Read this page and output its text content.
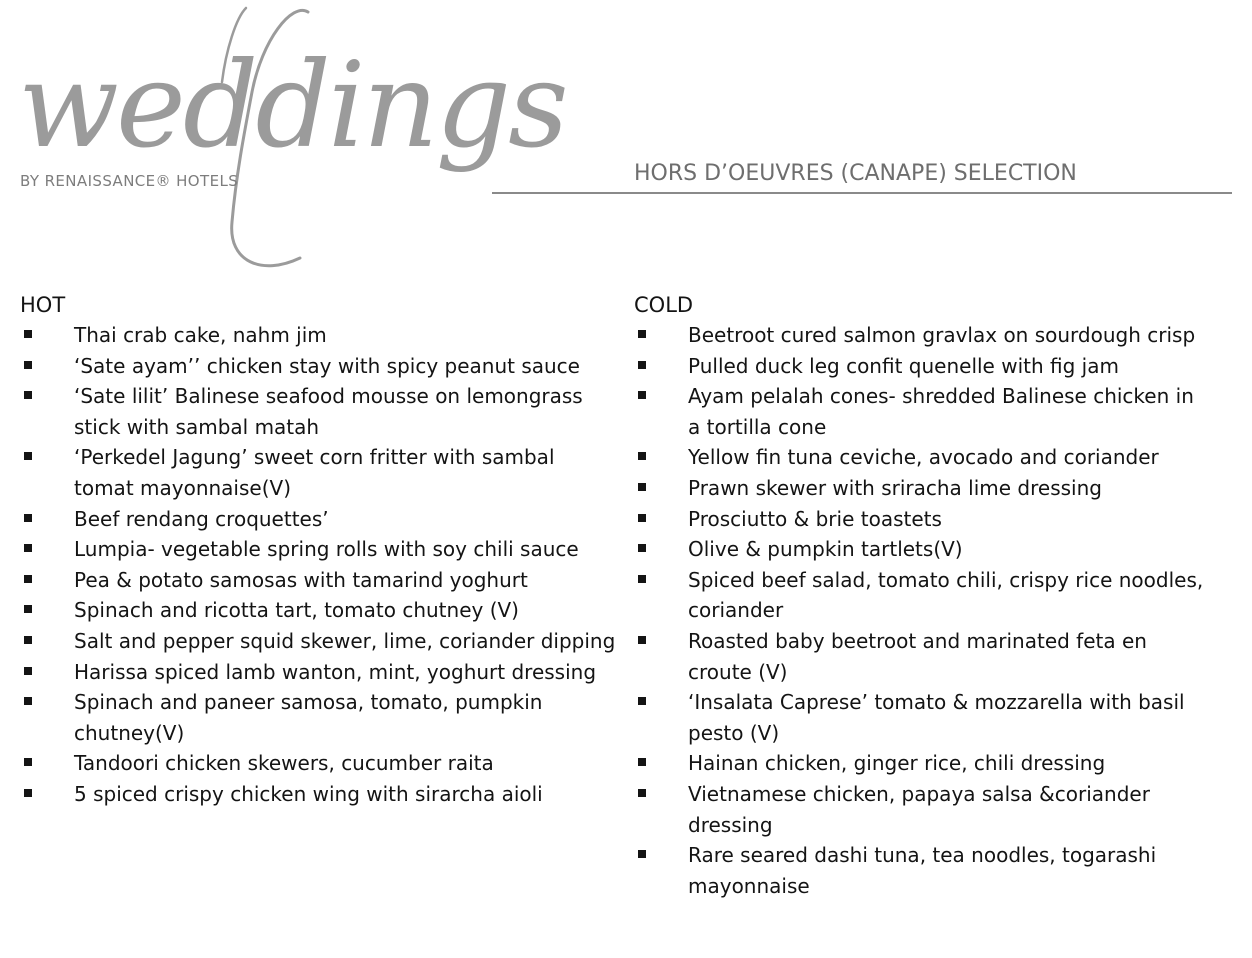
weddings
BY RENAISSANCE® HOTELS	HORS D’OEUVRES (CANAPE) SELECTION
HOT
Thai crab cake, nahm jim
‘Sate ayam’’ chicken stay with spicy peanut sauce
‘Sate lilit’ Balinese seafood mousse on lemongrass stick with sambal matah
‘Perkedel Jagung’ sweet corn fritter with sambal tomat mayonnaise(V)
Beef rendang croquettes’
Lumpia- vegetable spring rolls with soy chili sauce
Pea & potato samosas with tamarind yoghurt
Spinach and ricotta tart, tomato chutney (V)
Salt and pepper squid skewer, lime, coriander dipping
Harissa spiced lamb wanton, mint, yoghurt dressing
Spinach and paneer samosa, tomato, pumpkin chutney(V)
Tandoori chicken skewers, cucumber raita
5 spiced crispy chicken wing with sirarcha aioli
COLD
Beetroot cured salmon gravlax on sourdough crisp
Pulled duck leg confit quenelle with fig jam
Ayam pelalah cones- shredded Balinese chicken in a tortilla cone
Yellow fin tuna ceviche, avocado and coriander
Prawn skewer with sriracha lime dressing
Prosciutto & brie toastets
Olive & pumpkin tartlets(V)
Spiced beef salad, tomato chili, crispy rice noodles, coriander
Roasted baby beetroot and marinated feta en croute (V)
‘Insalata Caprese’ tomato & mozzarella with basil pesto (V)
Hainan chicken, ginger rice, chili dressing
Vietnamese chicken, papaya salsa &coriander dressing
Rare seared dashi tuna, tea noodles, togarashi mayonnaise
